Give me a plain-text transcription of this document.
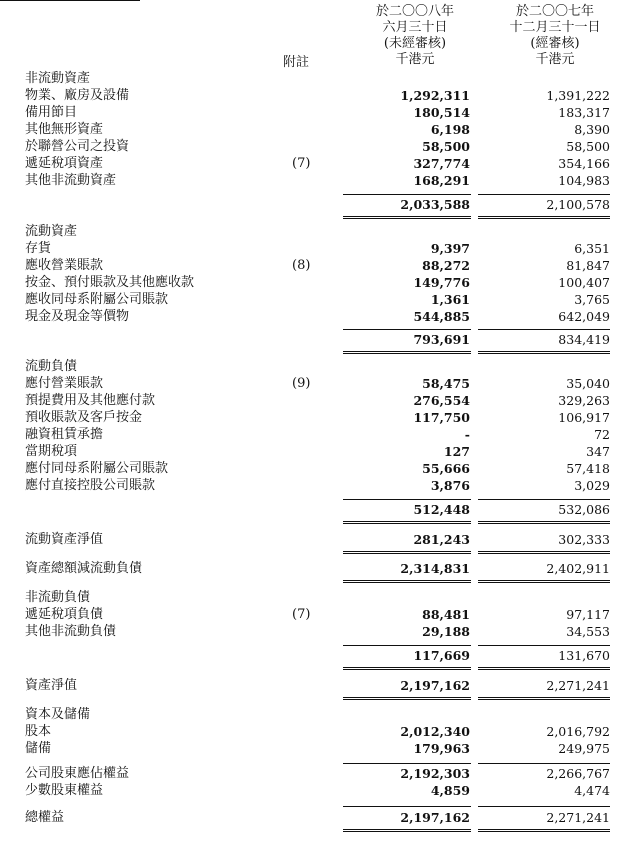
於二〇〇八年
六月三十日
(未經審核)
千港元
於二〇〇七年
十二月三十一日
(經審核)
千港元
附註
非流動資產
物業、廠房及設備	1,292,311	1,391,222
備用節目	180,514	183,317
其他無形資產	6,198	8,390
於聯營公司之投資	58,500	58,500
遞延稅項資產	(7)	327,774	354,166
其他非流動資產	168,291	104,983
2,033,588	2,100,578
流動資產
存貨	9,397	6,351
應收營業賬款	(8)	88,272	81,847
按金、預付賬款及其他應收款	149,776	100,407
應收同母系附屬公司賬款	1,361	3,765
現金及現金等價物	544,885	642,049
793,691	834,419
流動負債
應付營業賬款	(9)	58,475	35,040
預提費用及其他應付款	276,554	329,263
預收賬款及客戶按金	117,750	106,917
融資租賃承擔	-	72
當期稅項	127	347
應付同母系附屬公司賬款	55,666	57,418
應付直接控股公司賬款	3,876	3,029
512,448	532,086
流動資產淨值	281,243	302,333
資產總額減流動負債	2,314,831	2,402,911
非流動負債
遞延稅項負債	(7)	88,481	97,117
其他非流動負債	29,188	34,553
117,669	131,670
資產淨值	2,197,162	2,271,241
資本及儲備
股本	2,012,340	2,016,792
儲備	179,963	249,975
公司股東應佔權益	2,192,303	2,266,767
少數股東權益	4,859	4,474
總權益	2,197,162	2,271,241
